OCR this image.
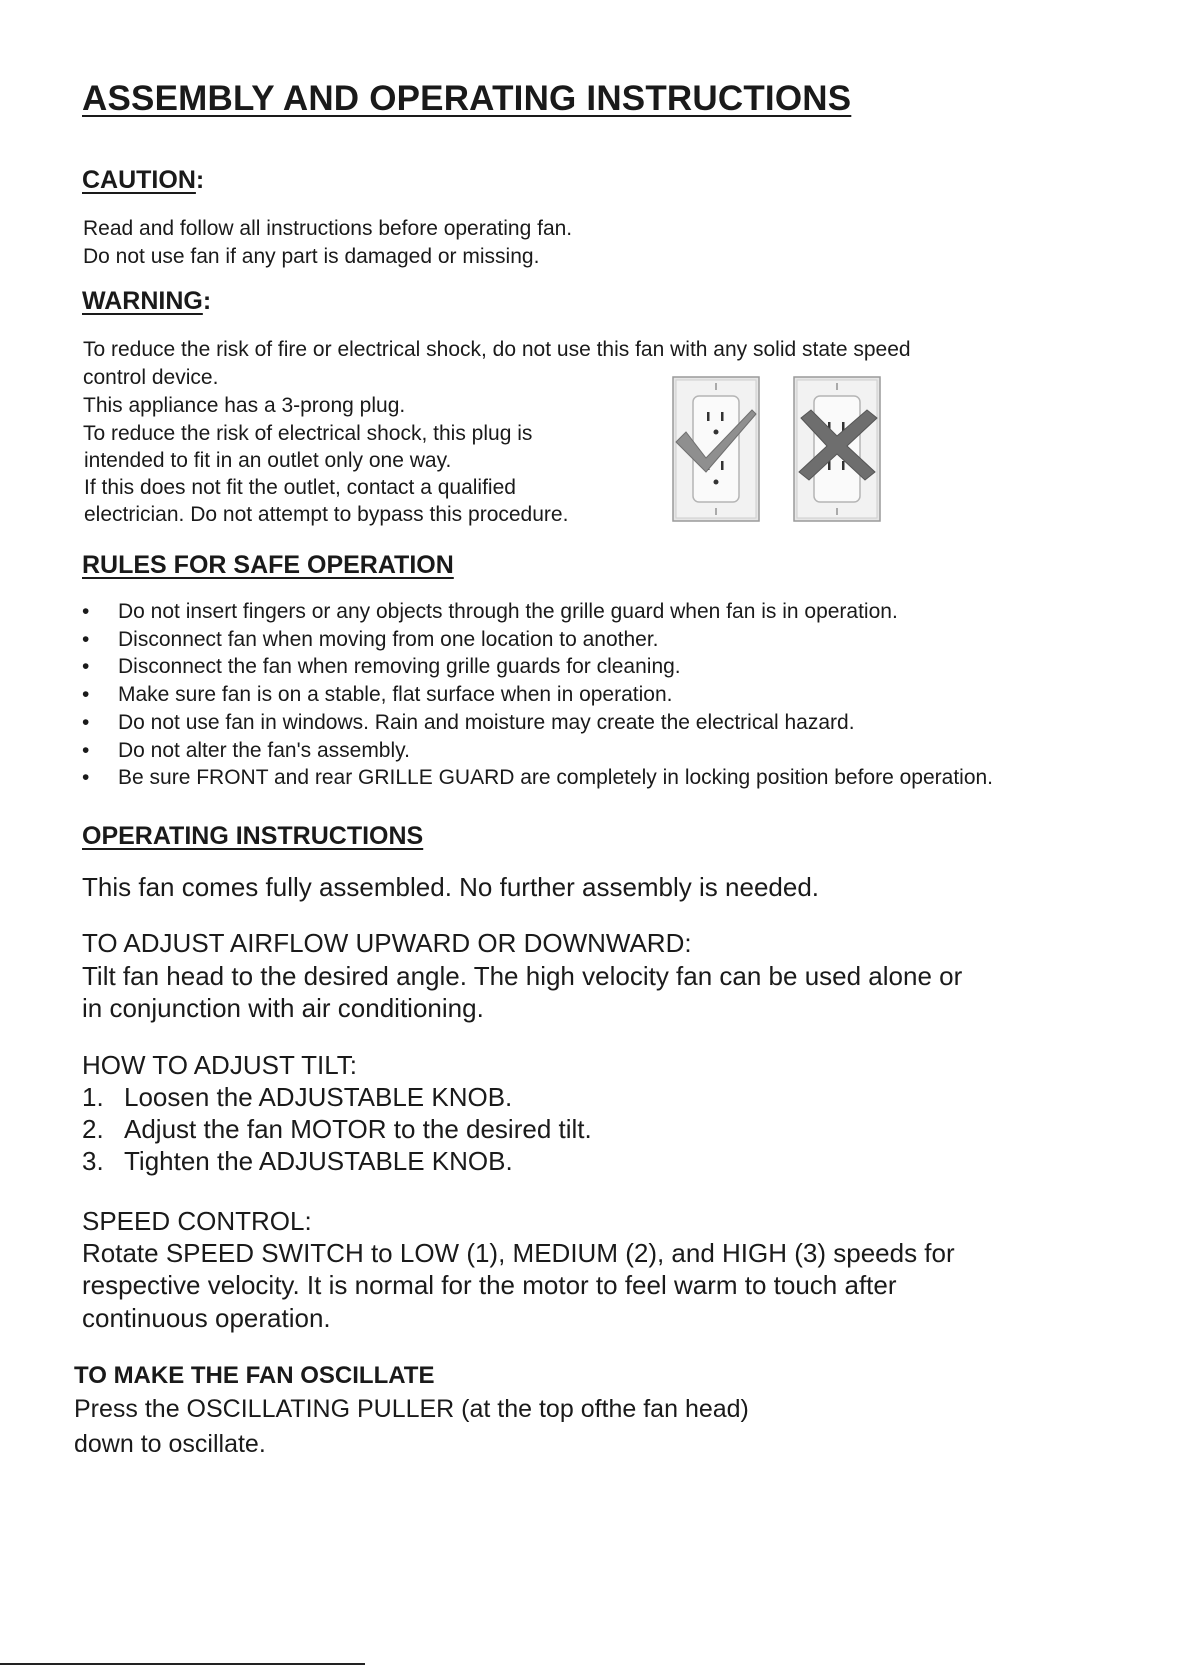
ASSEMBLY AND OPERATING INSTRUCTIONS
CAUTION:
Read and follow all instructions before operating fan.
Do not use fan if any part is damaged or missing.
WARNING:
To reduce the risk of fire or electrical shock, do not use this fan with any solid state speed
control device.
This appliance has a 3-prong plug.
To reduce the risk of electrical shock, this plug is
intended to fit in an outlet only one way.
If this does not fit the outlet, contact a qualified
electrician. Do not attempt to bypass this procedure.
RULES FOR SAFE OPERATION
• Do not insert fingers or any objects through the grille guard when fan is in operation.
• Disconnect fan when moving from one location to another.
• Disconnect the fan when removing grille guards for cleaning.
• Make sure fan is on a stable, flat surface when in operation.
• Do not use fan in windows. Rain and moisture may create the electrical hazard.
• Do not alter the fan's assembly.
• Be sure FRONT and rear GRILLE GUARD are completely in locking position before operation.
OPERATING INSTRUCTIONS
This fan comes fully assembled. No further assembly is needed.
TO ADJUST AIRFLOW UPWARD OR DOWNWARD:
Tilt fan head to the desired angle. The high velocity fan can be used alone or
in conjunction with air conditioning.
HOW TO ADJUST TILT:
1. Loosen the ADJUSTABLE KNOB.
2. Adjust the fan MOTOR to the desired tilt.
3. Tighten the ADJUSTABLE KNOB.
SPEED CONTROL:
Rotate SPEED SWITCH to LOW (1), MEDIUM (2), and HIGH (3) speeds for
respective velocity. It is normal for the motor to feel warm to touch after
continuous operation.
TO MAKE THE FAN OSCILLATE
Press the OSCILLATING PULLER (at the top ofthe fan head)
down to oscillate.
